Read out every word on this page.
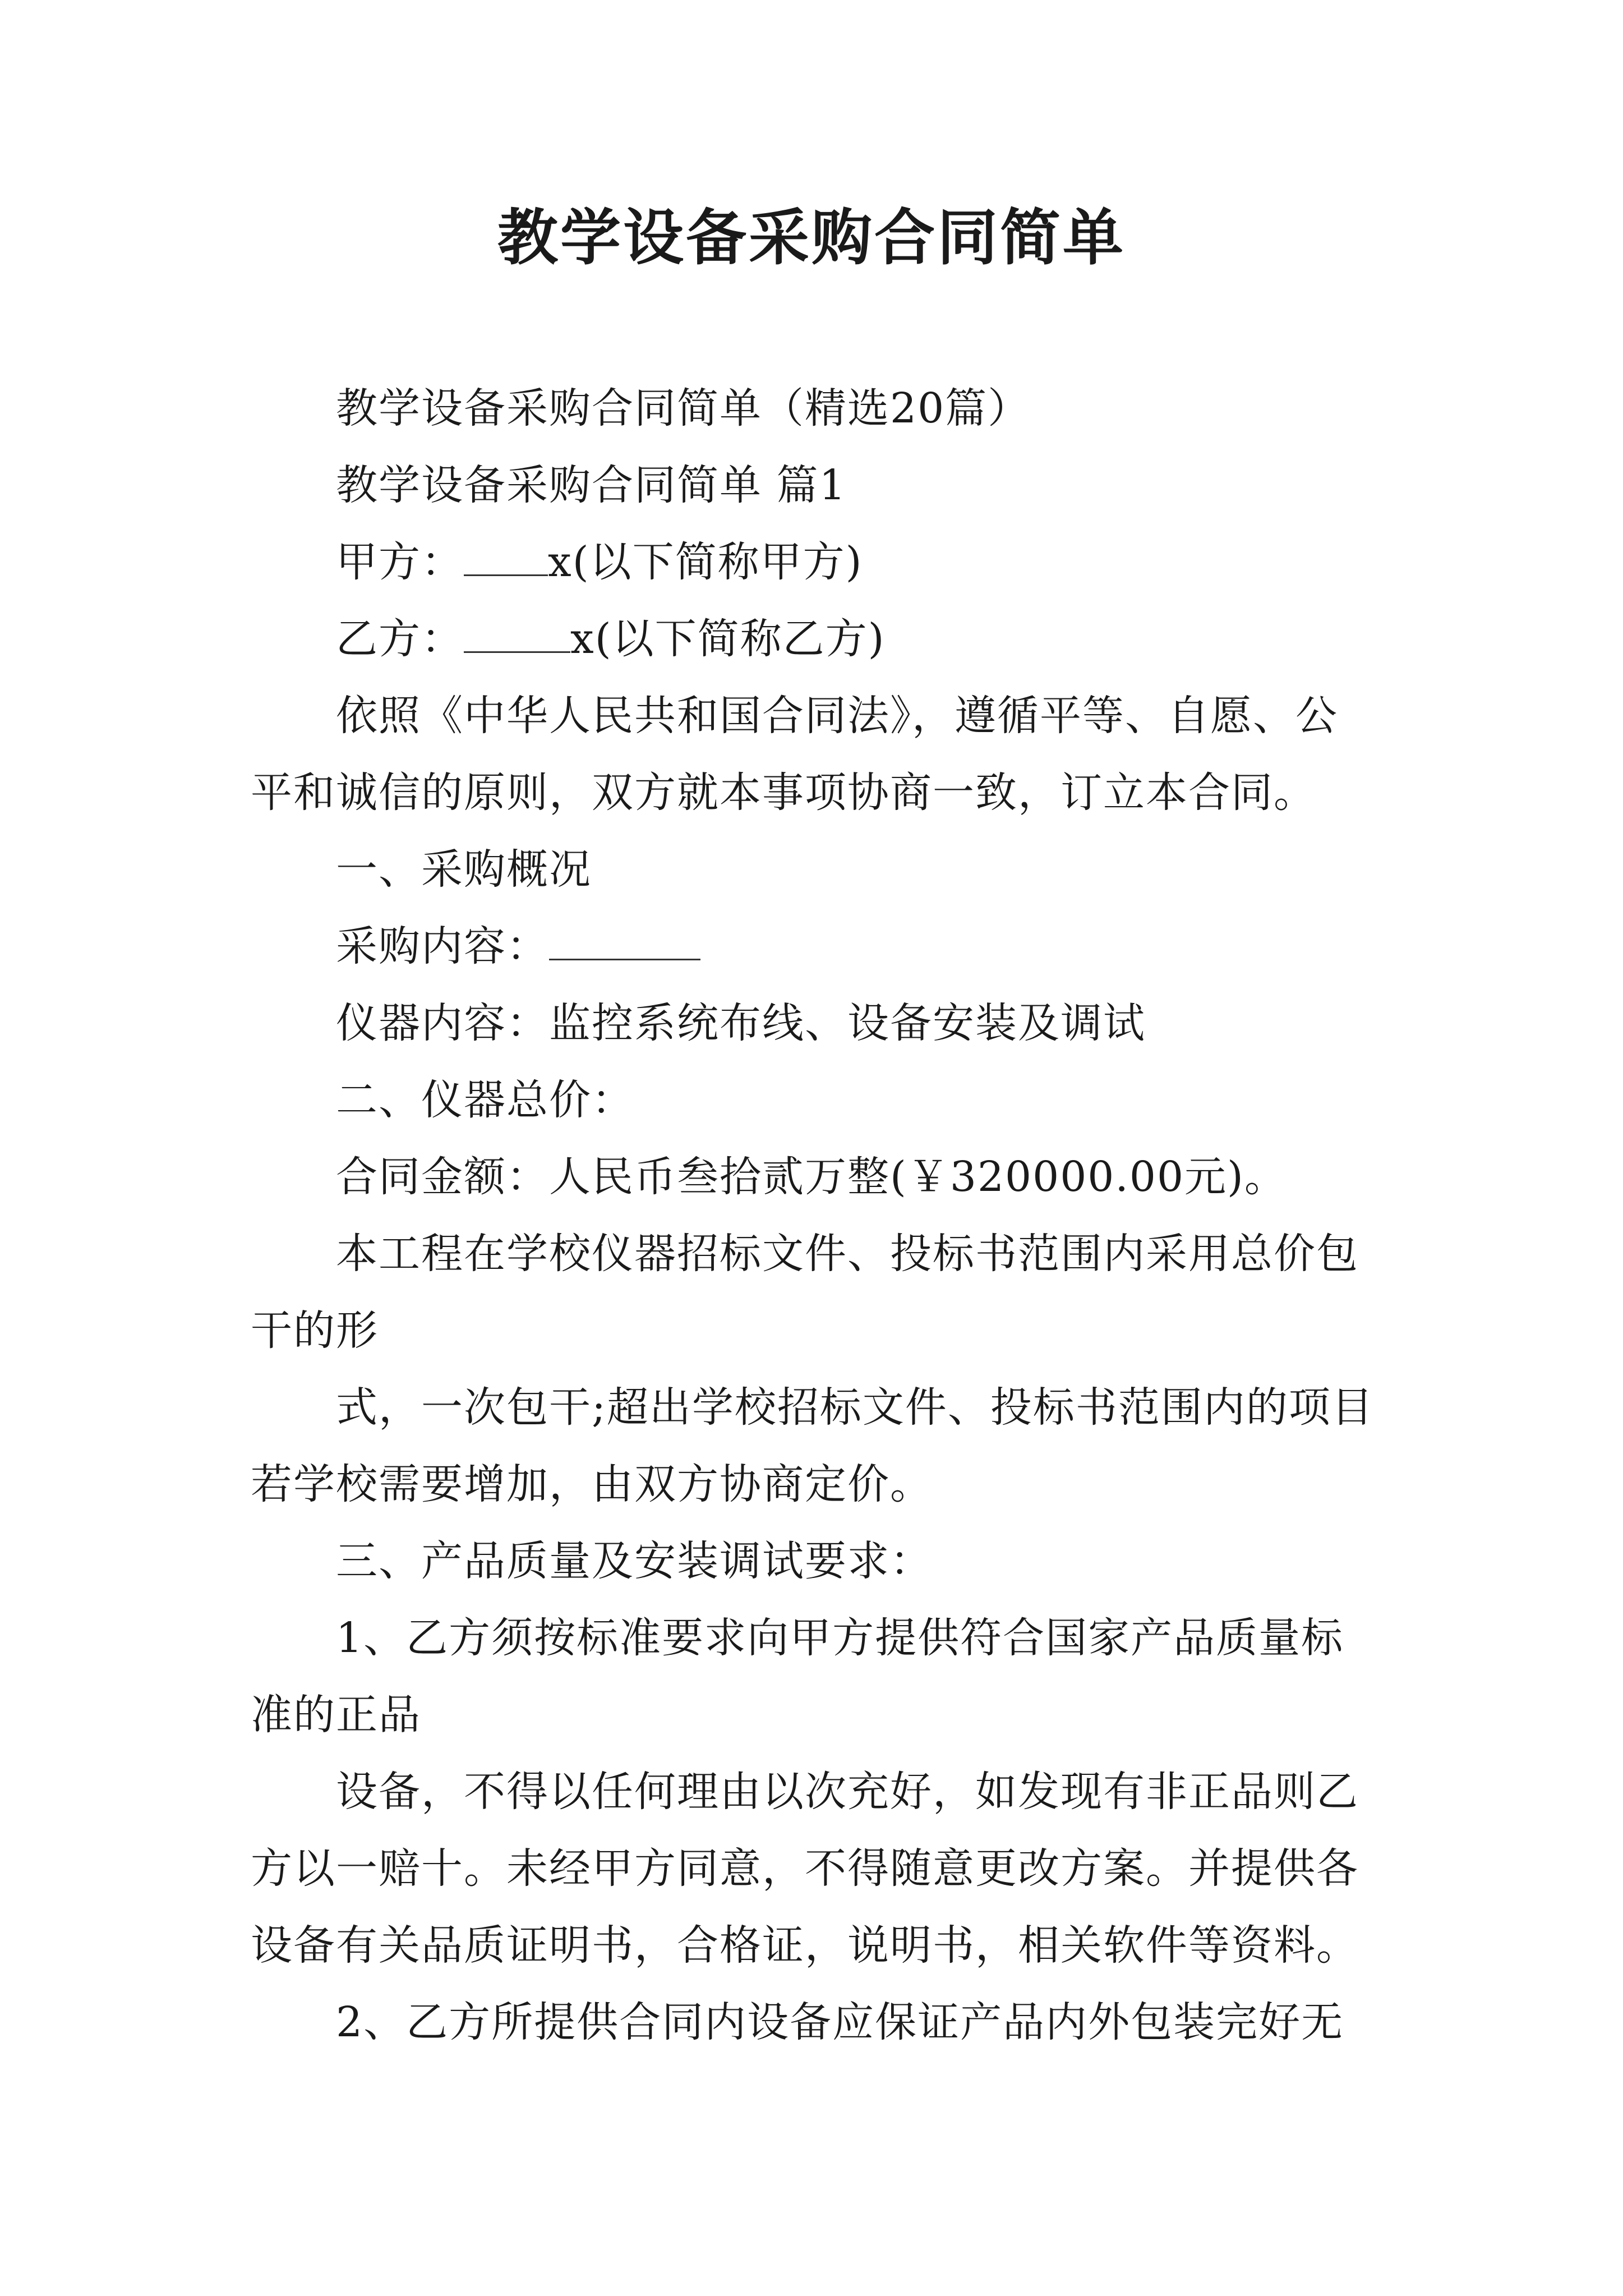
教学设备采购合同简单

教学设备采购合同简单（精选20篇）

教学设备采购合同简单 篇1

甲方： x(以下简称甲方)

乙方：	x(以下简称乙方)

依照《中华人民共和国合同法》，遵循平等、自愿、公平和诚信的原则，双方就本事项协商一致，订立本合同。

一、采购概况

采购内容：

仪器内容：监控系统布线、设备安装及调试

二、仪器总价：

合同金额：人民币叁拾贰万整(￥320000.00元)。

本工程在学校仪器招标文件、投标书范围内采用总价包干的形

式，一次包干;超出学校招标文件、投标书范围内的项目若学校需要增加，由双方协商定价。

三、产品质量及安装调试要求：

1、乙方须按标准要求向甲方提供符合国家产品质量标准的正品

设备，不得以任何理由以次充好，如发现有非正品则乙方以一赔十。未经甲方同意，不得随意更改方案。并提供各设备有关品质证明书，合格证，说明书，相关软件等资料。

2、乙方所提供合同内设备应保证产品内外包装完好无
